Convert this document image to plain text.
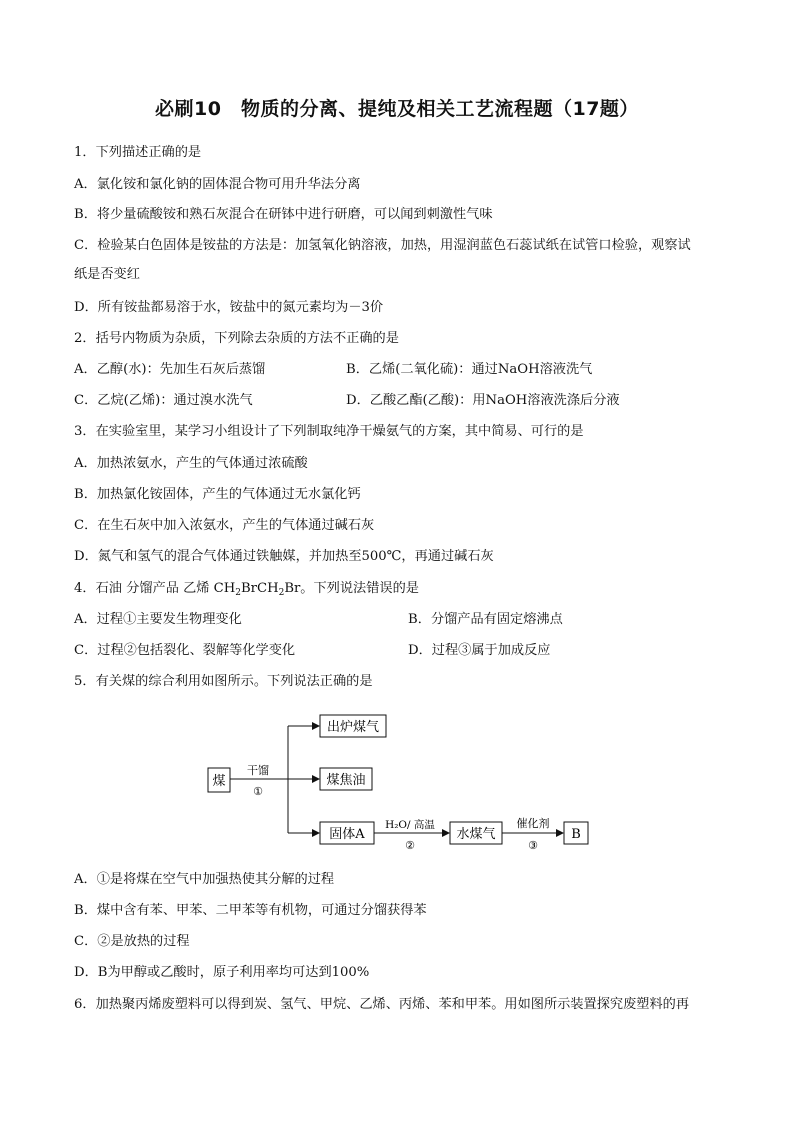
必刷10　物质的分离、提纯及相关工艺流程题（17题）
1．下列描述正确的是
A．氯化铵和氯化钠的固体混合物可用升华法分离
B．将少量硫酸铵和熟石灰混合在研钵中进行研磨，可以闻到刺激性气味
C．检验某白色固体是铵盐的方法是：加氢氧化钠溶液，加热，用湿润蓝色石蕊试纸在试管口检验，观察试
纸是否变红
D．所有铵盐都易溶于水，铵盐中的氮元素均为－3价
2．括号内物质为杂质，下列除去杂质的方法不正确的是
A．乙醇(水)：先加生石灰后蒸馏	B．乙烯(二氧化硫)：通过NaOH溶液洗气
C．乙烷(乙烯)：通过溴水洗气	D．乙酸乙酯(乙酸)：用NaOH溶液洗涤后分液
3．在实验室里，某学习小组设计了下列制取纯净干燥氨气的方案，其中简易、可行的是
A．加热浓氨水，产生的气体通过浓硫酸
B．加热氯化铵固体，产生的气体通过无水氯化钙
C．在生石灰中加入浓氨水，产生的气体通过碱石灰
D．氮气和氢气的混合气体通过铁触媒，并加热至500℃，再通过碱石灰
4．石油 分馏产品 乙烯 $CH_2BrCH_2Br$。下列说法错误的是
A．过程①主要发生物理变化	B．分馏产品有固定熔沸点
C．过程②包括裂化、裂解等化学变化	D．过程③属于加成反应
5．有关煤的综合利用如图所示。下列说法正确的是
煤
干馏
①
出炉煤气
煤焦油
固体A
H₂O/ 高温
②
水煤气
催化剂
③
B
A．①是将煤在空气中加强热使其分解的过程
B．煤中含有苯、甲苯、二甲苯等有机物，可通过分馏获得苯
C．②是放热的过程
D．B为甲醇或乙酸时，原子利用率均可达到100%
6．加热聚丙烯废塑料可以得到炭、氢气、甲烷、乙烯、丙烯、苯和甲苯。用如图所示装置探究废塑料的再
